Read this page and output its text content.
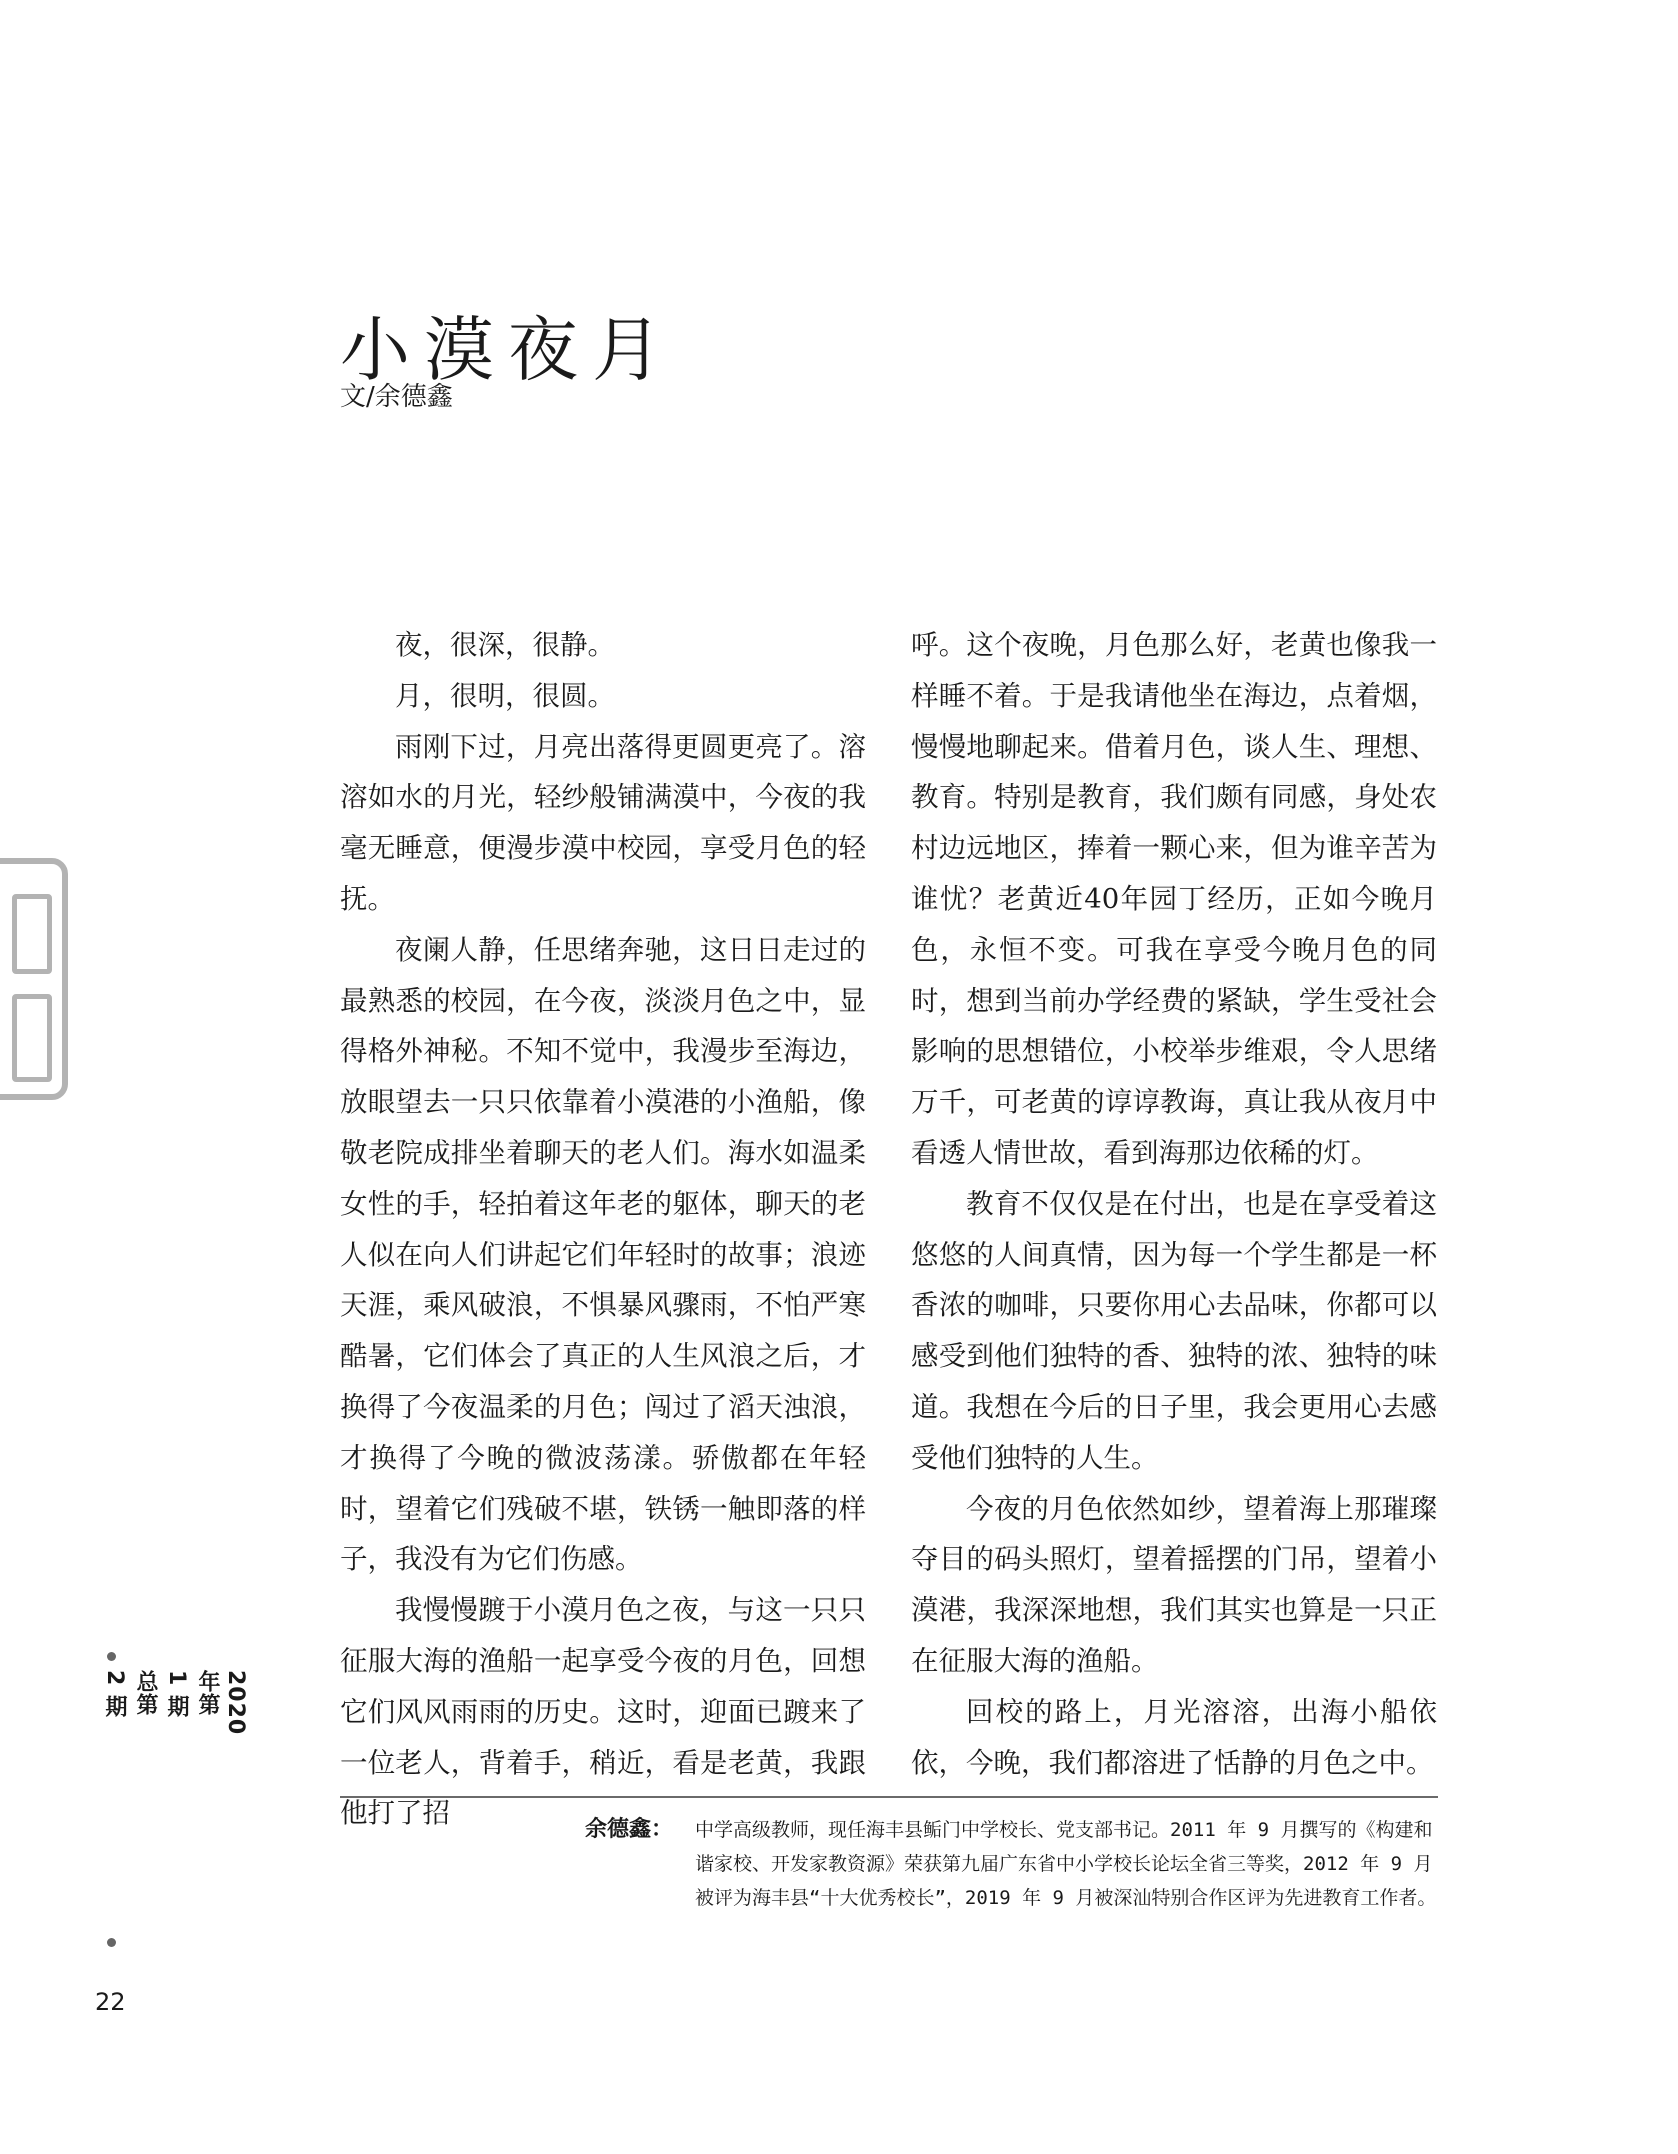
小漠夜月
文/余德鑫

夜，很深，很静。

月，很明，很圆。

雨刚下过，月亮出落得更圆更亮了。溶溶如水的月光，轻纱般铺满漠中，今夜的我毫无睡意，便漫步漠中校园，享受月色的轻抚。

夜阑人静，任思绪奔驰，这日日走过的最熟悉的校园，在今夜，淡淡月色之中，显得格外神秘。不知不觉中，我漫步至海边，放眼望去一只只依靠着小漠港的小渔船，像敬老院成排坐着聊天的老人们。海水如温柔女性的手，轻拍着这年老的躯体，聊天的老人似在向人们讲起它们年轻时的故事；浪迹天涯，乘风破浪，不惧暴风骤雨，不怕严寒酷暑，它们体会了真正的人生风浪之后，才换得了今夜温柔的月色；闯过了滔天浊浪，才换得了今晚的微波荡漾。骄傲都在年轻时，望着它们残破不堪，铁锈一触即落的样子，我没有为它们伤感。

我慢慢踱于小漠月色之夜，与这一只只征服大海的渔船一起享受今夜的月色，回想它们风风雨雨的历史。这时，迎面已踱来了一位老人，背着手，稍近，看是老黄，我跟他打了招

呼。这个夜晚，月色那么好，老黄也像我一样睡不着。于是我请他坐在海边，点着烟，慢慢地聊起来。借着月色，谈人生、理想、教育。特别是教育，我们颇有同感，身处农村边远地区，捧着一颗心来，但为谁辛苦为谁忧？老黄近40年园丁经历，正如今晚月色，永恒不变。可我在享受今晚月色的同时，想到当前办学经费的紧缺，学生受社会影响的思想错位，小校举步维艰，令人思绪万千，可老黄的谆谆教诲，真让我从夜月中看透人情世故，看到海那边依稀的灯。

教育不仅仅是在付出，也是在享受着这悠悠的人间真情，因为每一个学生都是一杯香浓的咖啡，只要你用心去品味，你都可以感受到他们独特的香、独特的浓、独特的味道。我想在今后的日子里，我会更用心去感受他们独特的人生。

今夜的月色依然如纱，望着海上那璀璨夺目的码头照灯，望着摇摆的门吊，望着小漠港，我深深地想，我们其实也算是一只正在征服大海的渔船。

回校的路上，月光溶溶，出海小船依依，今晚，我们都溶进了恬静的月色之中。

余德鑫： 中学高级教师，现任海丰县鲘门中学校长、党支部书记。2011 年 9 月撰写的《构建和谐家校、开发家教资源》荣获第九届广东省中小学校长论坛全省三等奖，2012 年 9 月被评为海丰县“十大优秀校长”，2019 年 9 月被深汕特别合作区评为先进教育工作者。
2020 年第 1 期 总第 2 期
22
